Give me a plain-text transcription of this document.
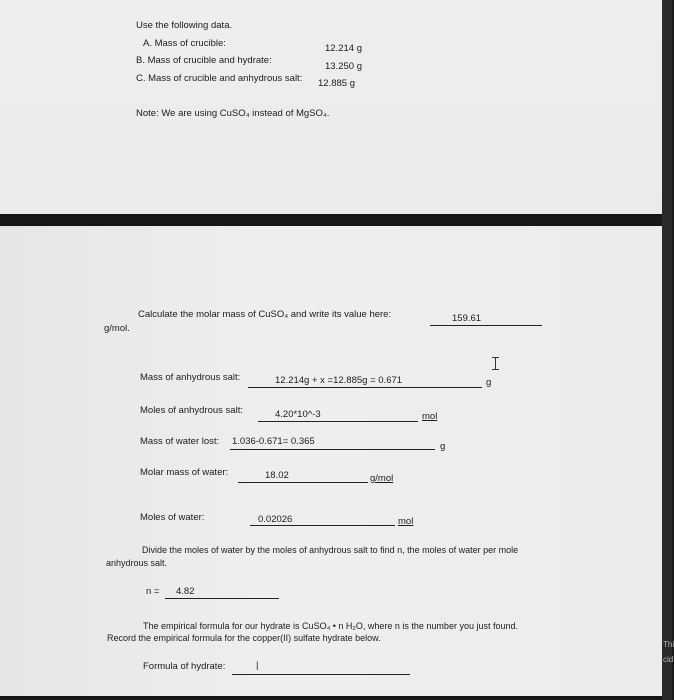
Use the following data.
A. Mass of crucible:	12.214 g
B. Mass of crucible and hydrate:
13.250 g
C. Mass of crucible and anhydrous salt: 12.885 g
Note: We are using CuSO₄ instead of MgSO₄.
Calculate the molar mass of CuSO₄ and write its value here:	159.61
g/mol.
Mass of anhydrous salt:	12.214g + x =12.885g = 0.671	g
Moles of anhydrous salt:	4.20*10^-3	mol
Mass of water lost: 1.036-0.671= 0.365	g
Molar mass of water:	18.02	g/mol
Moles of water:	0.02026	mol
Divide the moles of water by the moles of anhydrous salt to find n, the moles of water per mole
anhydrous salt.
n = 4.82
The empirical formula for our hydrate is CuSO₄ • n H₂O, where n is the number you just found.
Record the empirical formula for the copper(II) sulfate hydrate below.
Formula of hydrate:	|
Thi
cid
